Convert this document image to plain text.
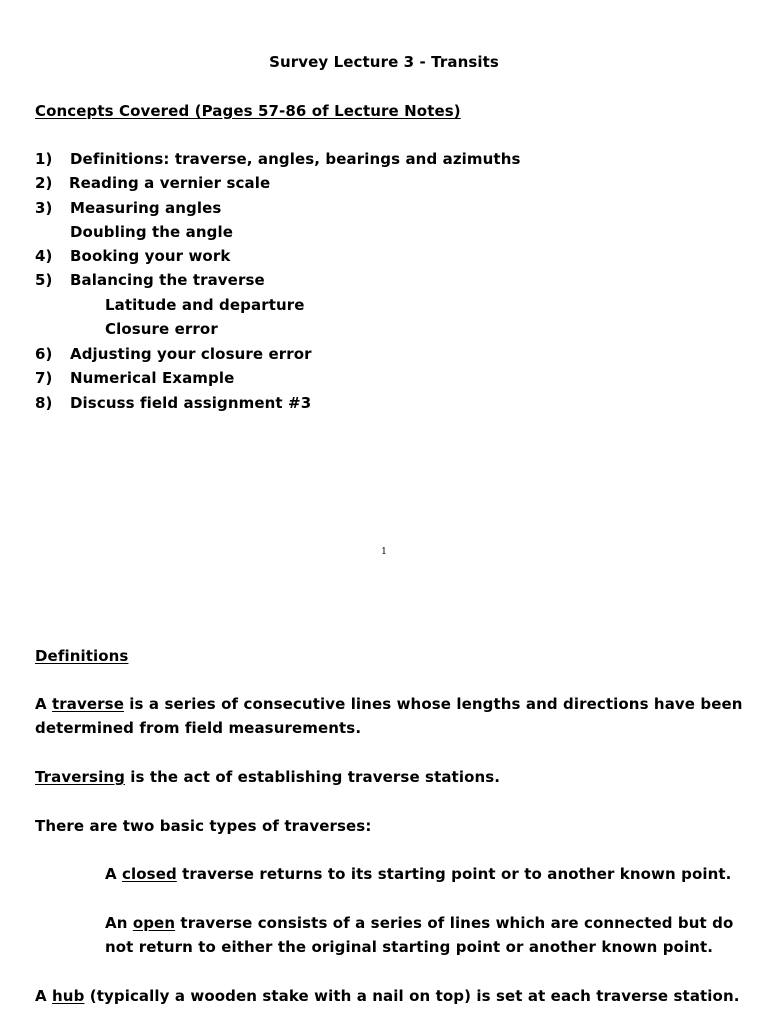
Survey Lecture 3 - Transits
Concepts Covered (Pages 57-86 of Lecture Notes)
1) Definitions: traverse, angles, bearings and azimuths
2) Reading a vernier scale
3) Measuring angles
Doubling the angle
4) Booking your work
5) Balancing the traverse
Latitude and departure
Closure error
6) Adjusting your closure error
7) Numerical Example
8) Discuss field assignment #3
1
Definitions
A traverse is a series of consecutive lines whose lengths and directions have been
determined from field measurements.
Traversing is the act of establishing traverse stations.
There are two basic types of traverses:
A closed traverse returns to its starting point or to another known point.
An open traverse consists of a series of lines which are connected but do
not return to either the original starting point or another known point.
A hub (typically a wooden stake with a nail on top) is set at each traverse station.
